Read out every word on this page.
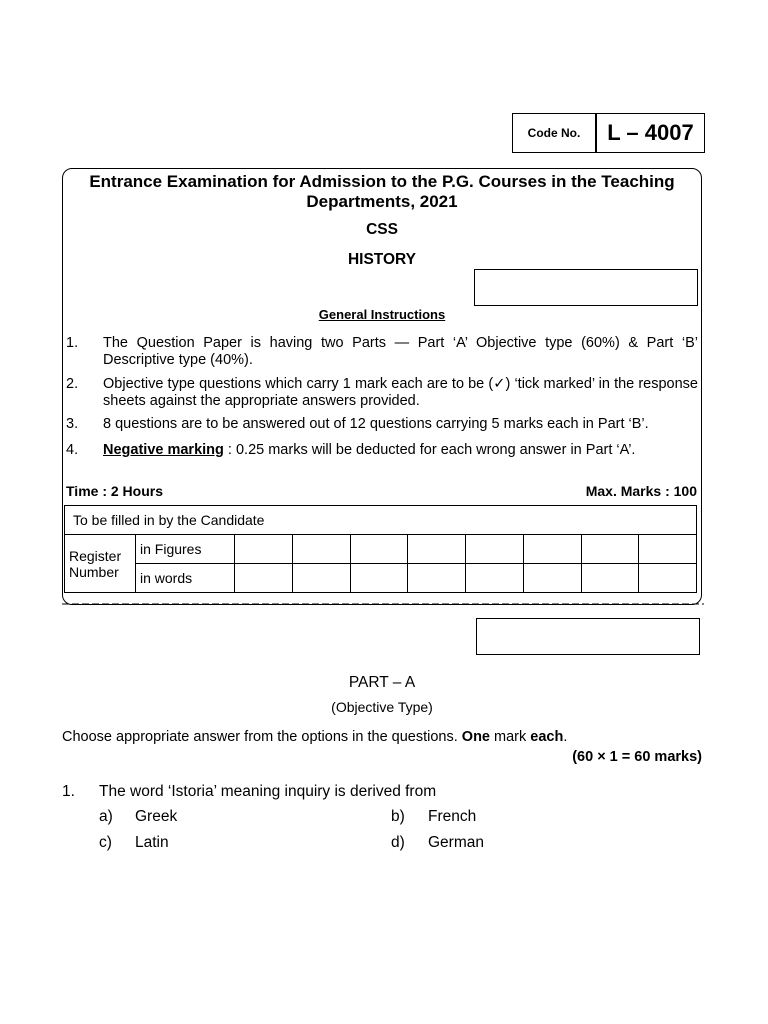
Code No.	L – 4007
Entrance Examination for Admission to the P.G. Courses in the Teaching
Departments, 2021
CSS
HISTORY
General Instructions
1. The Question Paper is having two Parts — Part ‘A’ Objective type (60%) & Part ‘B’ Descriptive type (40%).
2. Objective type questions which carry 1 mark each are to be (✓) ‘tick marked’ in the response sheets against the appropriate answers provided.
3. 8 questions are to be answered out of 12 questions carrying 5 marks each in Part ‘B’.
4. Negative marking : 0.25 marks will be deducted for each wrong answer in Part ‘A’.
Time : 2 Hours	Max. Marks : 100
To be filled in by the Candidate									
Register Number	in Figures								
	in words								
PART – A
(Objective Type)
Choose appropriate answer from the options in the questions. One mark each.
(60 × 1 = 60 marks)
1. The word ‘Istoria’ meaning inquiry is derived from
a) Greek	b) French
c) Latin	d) German
